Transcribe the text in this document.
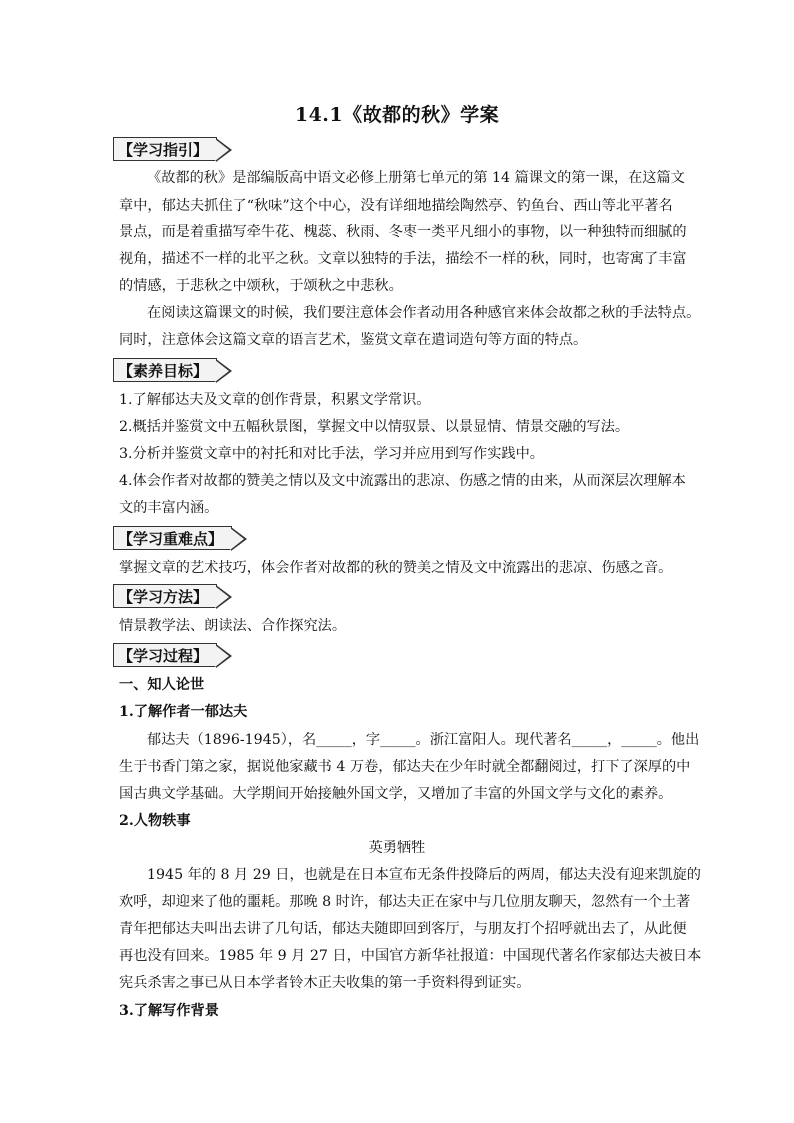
14.1《故都的秋》学案
【学习指引】
《故都的秋》是部编版高中语文必修上册第七单元的第 14 篇课文的第一课，在这篇文
章中，郁达夫抓住了“秋味”这个中心，没有详细地描绘陶然亭、钓鱼台、西山等北平著名
景点，而是着重描写牵牛花、槐蕊、秋雨、冬枣一类平凡细小的事物，以一种独特而细腻的
视角，描述不一样的北平之秋。文章以独特的手法，描绘不一样的秋，同时，也寄寓了丰富
的情感，于悲秋之中颂秋，于颂秋之中悲秋。
在阅读这篇课文的时候，我们要注意体会作者动用各种感官来体会故都之秋的手法特点。
同时，注意体会这篇文章的语言艺术，鉴赏文章在遣词造句等方面的特点。
【素养目标】
1.了解郁达夫及文章的创作背景，积累文学常识。
2.概括并鉴赏文中五幅秋景图，掌握文中以情驭景、以景显情、情景交融的写法。
3.分析并鉴赏文章中的衬托和对比手法，学习并应用到写作实践中。
4.体会作者对故都的赞美之情以及文中流露出的悲凉、伤感之情的由来，从而深层次理解本
文的丰富内涵。
【学习重难点】
掌握文章的艺术技巧，体会作者对故都的秋的赞美之情及文中流露出的悲凉、伤感之音。
【学习方法】
情景教学法、朗读法、合作探究法。
【学习过程】
一、知人论世
1.了解作者一郁达夫
郁达夫（1896-1945），名_____，字_____。浙江富阳人。现代著名_____，_____。他出
生于书香门第之家，据说他家藏书 4 万卷，郁达夫在少年时就全都翻阅过，打下了深厚的中
国古典文学基础。大学期间开始接触外国文学，又增加了丰富的外国文学与文化的素养。
2.人物轶事
英勇牺牲
1945 年的 8 月 29 日，也就是在日本宣布无条件投降后的两周，郁达夫没有迎来凯旋的
欢呼，却迎来了他的噩耗。那晚 8 时许，郁达夫正在家中与几位朋友聊天，忽然有一个土著
青年把郁达夫叫出去讲了几句话，郁达夫随即回到客厅，与朋友打个招呼就出去了，从此便
再也没有回来。1985 年 9 月 27 日，中国官方新华社报道：中国现代著名作家郁达夫被日本
宪兵杀害之事已从日本学者铃木正夫收集的第一手资料得到证实。
3.了解写作背景
